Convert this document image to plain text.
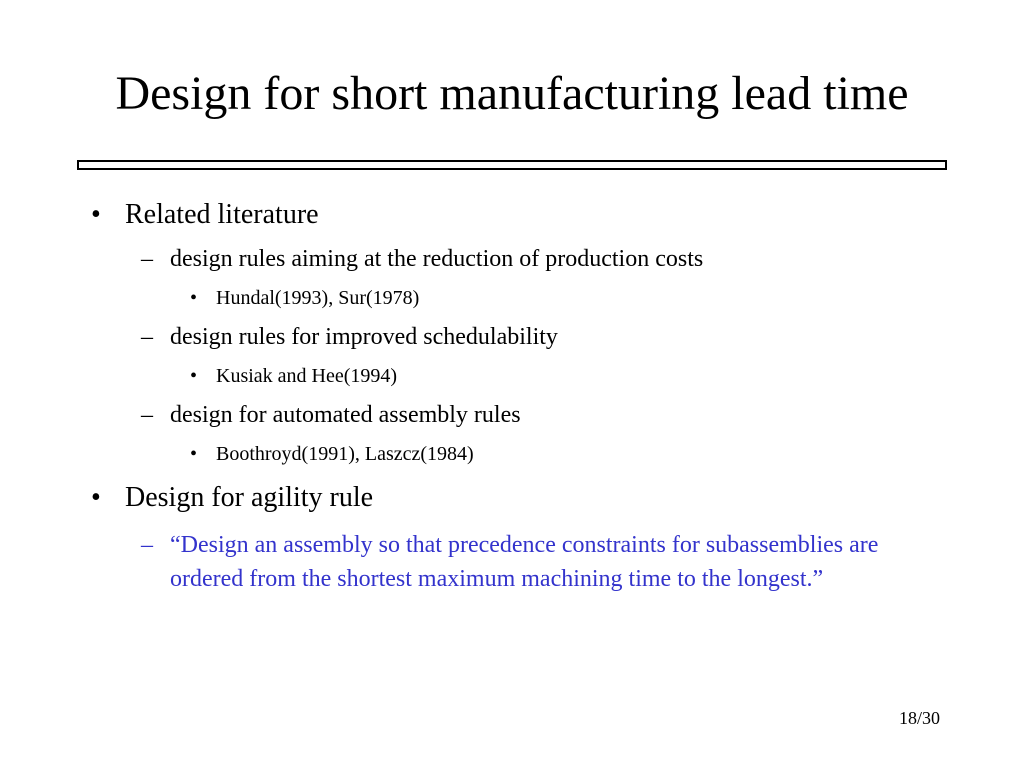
Design for short manufacturing lead time
• Related literature
– design rules aiming at the reduction of production costs
• Hundal(1993), Sur(1978)
– design rules for improved schedulability
• Kusiak and Hee(1994)
– design for automated assembly rules
• Boothroyd(1991), Laszcz(1984)
• Design for agility rule
– “Design an assembly so that precedence constraints for subassemblies are ordered from the shortest maximum machining time to the longest.”
18/30
